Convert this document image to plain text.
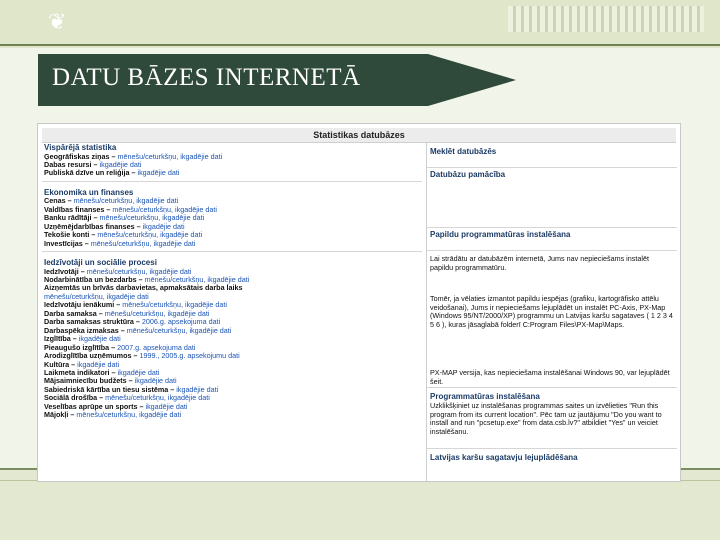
❦
DATU BĀZES INTERNETĀ
Statistikas datubāzes
Vispārējā statistika
Ģeogrāfiskas ziņas – mēnešu/ceturkšņu, ikgadējie dati
Dabas resursi – ikgadējie dati
Publiskā dzīve un reliģija – ikgadējie dati
Ekonomika un finanses
Cenas – mēnešu/ceturkšņu, ikgadējie dati
Valdības finanses – mēnešu/ceturkšņu, ikgadējie dati
Banku rādītāji – mēnešu/ceturkšņu, ikgadējie dati
Uzņēmējdarbības finanses – ikgadējie dati
Tekošie konti – mēnešu/ceturkšņu, ikgadējie dati
Investīcijas – mēnešu/ceturkšņu, ikgadējie dati
Iedzīvotāji un sociālie procesi
Iedzīvotāji – mēnešu/ceturkšņu, ikgadējie dati
Nodarbinātība un bezdarbs – mēnešu/ceturkšņu, ikgadējie dati
Aizņemtās un brīvās darbavietas, apmaksātais darba laiks
mēnešu/ceturkšņu, ikgadējie dati
Iedzīvotāju ienākumi – mēnešu/ceturkšņu, ikgadējie dati
Darba samaksa – mēnešu/ceturkšņu, ikgadējie dati
Darba samaksas struktūra – 2006.g. apsekojuma dati
Darbaspēka izmaksas – mēnešu/ceturkšņu, ikgadējie dati
Izglītība – ikgadējie dati
Pieaugušo izglītība – 2007.g. apsekojuma dati
Arodizglītība uzņēmumos – 1999., 2005.g. apsekojumu dati
Kultūra – ikgadējie dati
Laikmeta indikatori – ikgadējie dati
Mājsaimniecību budžets – ikgadējie dati
Sabiedriskā kārtība un tiesu sistēma – ikgadējie dati
Sociālā drošība – mēnešu/ceturkšņu, ikgadējie dati
Veselības aprūpe un sports – ikgadējie dati
Mājokļi – mēnešu/ceturkšņu, ikgadējie dati
Meklēt datubāzēs
Datubāzu pamācība
Papildu programmatūras instalēšana
Lai strādātu ar datubāzēm internetā, Jums nav nepieciešams instalēt papildu programmatūru.
Tomēr, ja vēlaties izmantot papildu iespējas (grafiku, kartogrāfisko attēlu veidošanai), Jums ir nepieciešams lejuplādēt un instalēt PC-Axis, PX-Map (Windows 95/NT/2000/XP) programmu un Latvijas karšu sagataves ( 1 2 3 4 5 6 ), kuras jāsaglabā folderī C:Program Files\PX-Map\Maps.
PX-MAP versija, kas nepieciešama instalēšanai Windows 90, var lejuplādēt šeit.
Programmatūras instalēšana
Uzklikšķiniet uz instalēšanas programmas saites un izvēlieties "Run this program from its current location". Pēc tam uz jautājumu "Do you want to install and run "pcsetup.exe" from data.csb.lv?" atbildiet "Yes" un veiciet instalēšanu.
Latvijas karšu sagatavju lejuplādēšana
